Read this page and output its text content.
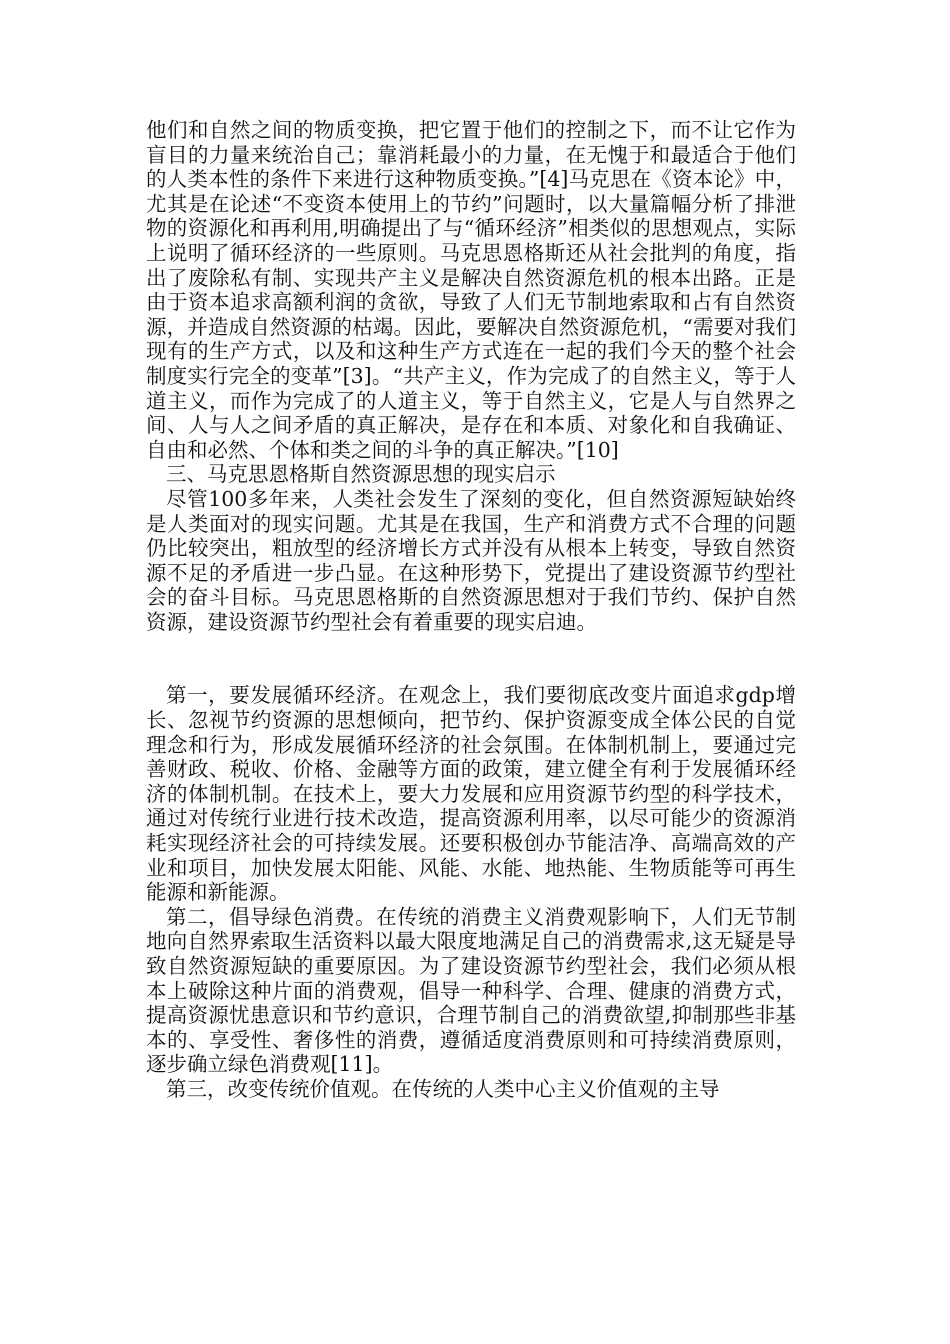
他们和自然之间的物质变换，把它置于他们的控制之下，而不让它作为盲目的力量来统治自己；靠消耗最小的力量，在无愧于和最适合于他们的人类本性的条件下来进行这种物质变换。”[4]马克思在《资本论》中，尤其是在论述“不变资本使用上的节约”问题时，以大量篇幅分析了排泄物的资源化和再利用,明确提出了与“循环经济”相类似的思想观点，实际上说明了循环经济的一些原则。马克思恩格斯还从社会批判的角度，指出了废除私有制、实现共产主义是解决自然资源危机的根本出路。正是由于资本追求高额利润的贪欲，导致了人们无节制地索取和占有自然资源，并造成自然资源的枯竭。因此，要解决自然资源危机，“需要对我们现有的生产方式，以及和这种生产方式连在一起的我们今天的整个社会制度实行完全的变革”[3]。“共产主义，作为完成了的自然主义，等于人道主义，而作为完成了的人道主义，等于自然主义，它是人与自然界之间、人与人之间矛盾的真正解决，是存在和本质、对象化和自我确证、自由和必然、个体和类之间的斗争的真正解决。”[10]

三、马克思恩格斯自然资源思想的现实启示

尽管100多年来，人类社会发生了深刻的变化，但自然资源短缺始终是人类面对的现实问题。尤其是在我国，生产和消费方式不合理的问题仍比较突出，粗放型的经济增长方式并没有从根本上转变，导致自然资源不足的矛盾进一步凸显。在这种形势下，党提出了建设资源节约型社会的奋斗目标。马克思恩格斯的自然资源思想对于我们节约、保护自然资源，建设资源节约型社会有着重要的现实启迪。

第一，要发展循环经济。在观念上，我们要彻底改变片面追求gdp增长、忽视节约资源的思想倾向，把节约、保护资源变成全体公民的自觉理念和行为，形成发展循环经济的社会氛围。在体制机制上，要通过完善财政、税收、价格、金融等方面的政策，建立健全有利于发展循环经济的体制机制。在技术上，要大力发展和应用资源节约型的科学技术，通过对传统行业进行技术改造，提高资源利用率，以尽可能少的资源消耗实现经济社会的可持续发展。还要积极创办节能洁净、高端高效的产业和项目，加快发展太阳能、风能、水能、地热能、生物质能等可再生能源和新能源。

第二，倡导绿色消费。在传统的消费主义消费观影响下，人们无节制地向自然界索取生活资料以最大限度地满足自己的消费需求,这无疑是导致自然资源短缺的重要原因。为了建设资源节约型社会，我们必须从根本上破除这种片面的消费观，倡导一种科学、合理、健康的消费方式，提高资源忧患意识和节约意识，合理节制自己的消费欲望,抑制那些非基本的、享受性、奢侈性的消费，遵循适度消费原则和可持续消费原则，逐步确立绿色消费观[11]。

第三，改变传统价值观。在传统的人类中心主义价值观的主导
